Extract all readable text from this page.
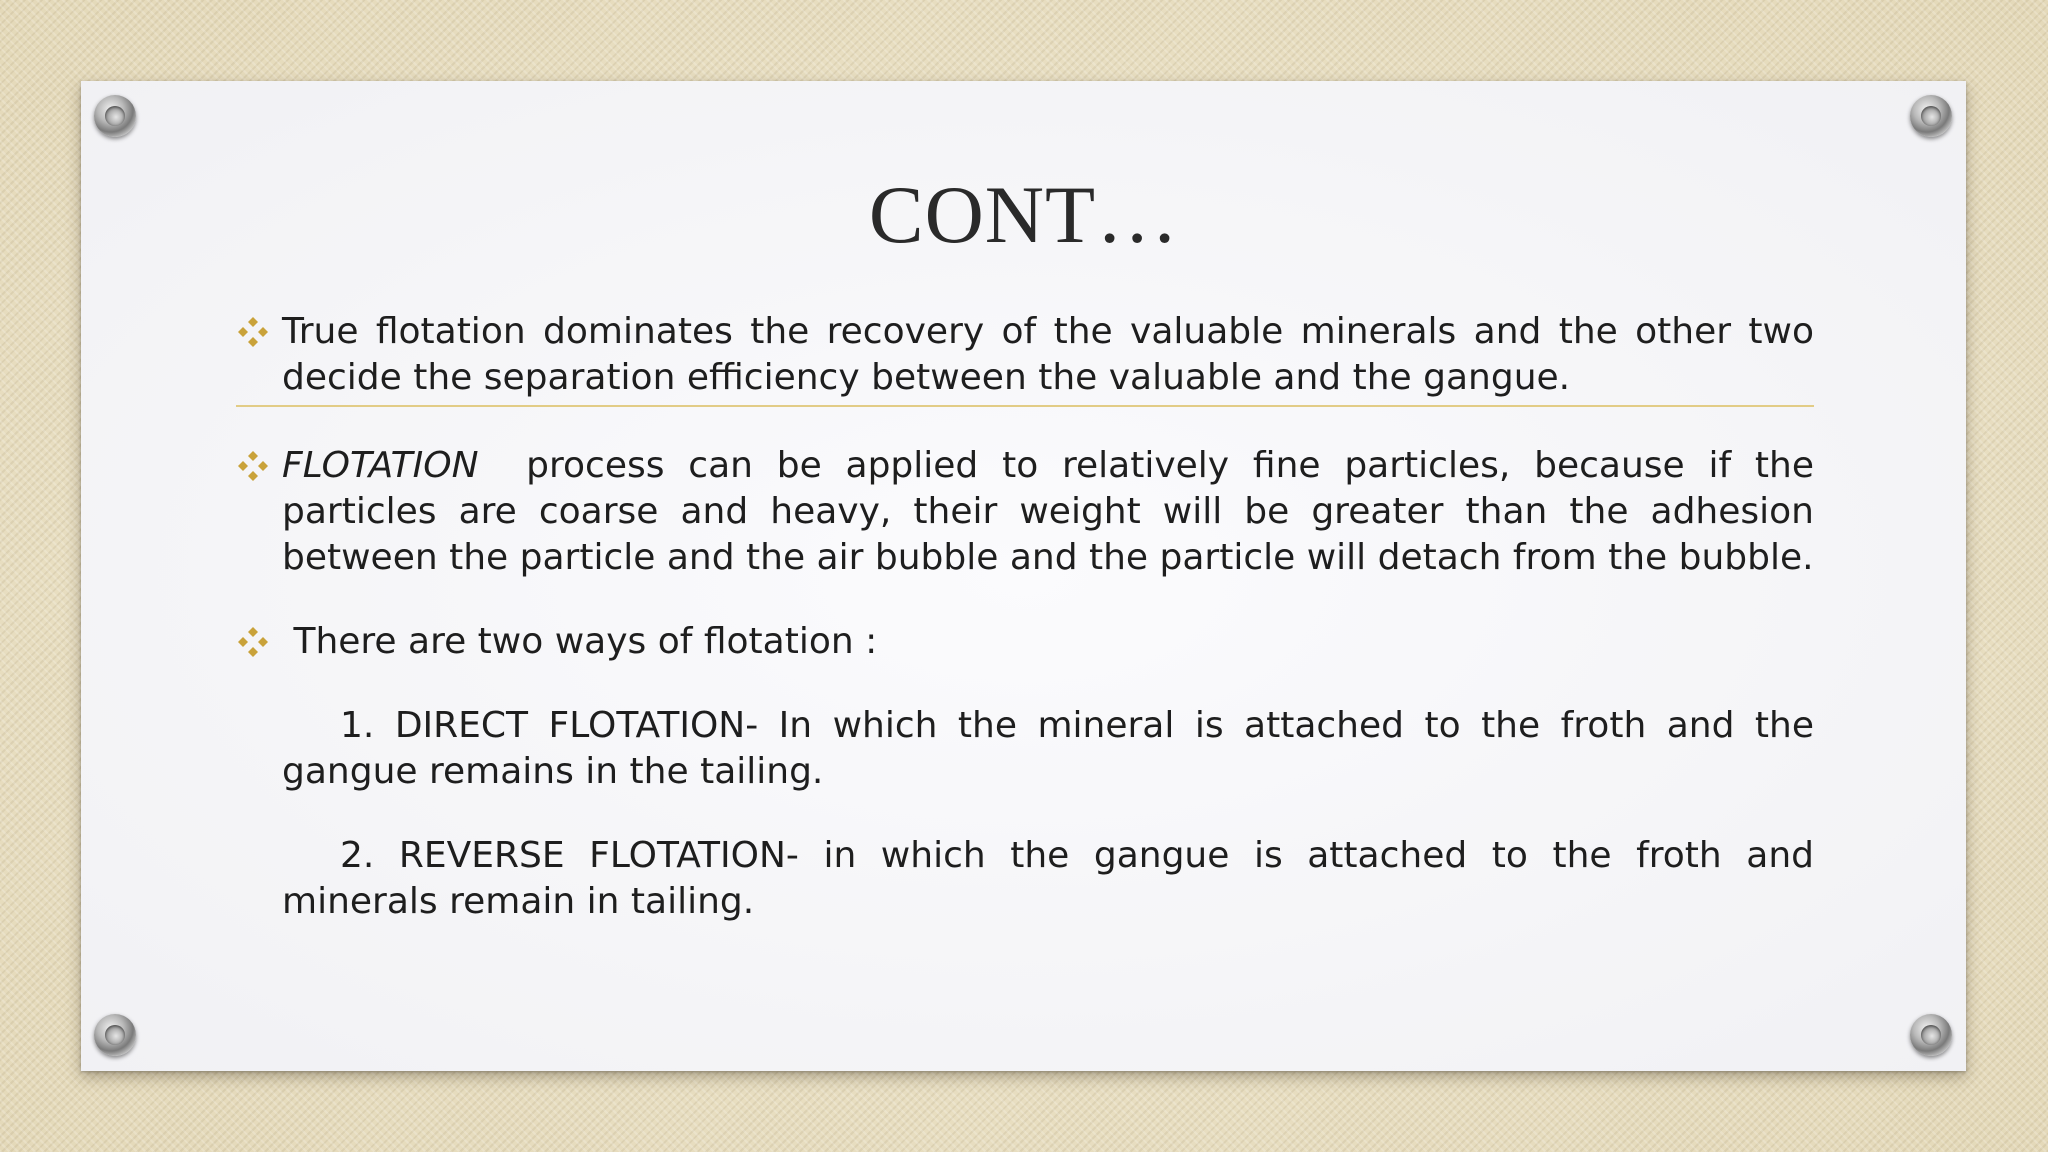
CONT…
True flotation dominates the recovery of the valuable minerals and the other two decide the separation efficiency between the valuable and the gangue.
FLOTATION  process can be applied to relatively fine particles, because if the particles are coarse and heavy, their weight will be greater than the adhesion between the particle and the air bubble and the particle will detach from the bubble.
There are two ways of flotation :
1. DIRECT FLOTATION- In which the mineral is attached to the froth and the gangue remains in the tailing.
2. REVERSE FLOTATION- in which the gangue is attached to the froth and minerals remain in tailing.
